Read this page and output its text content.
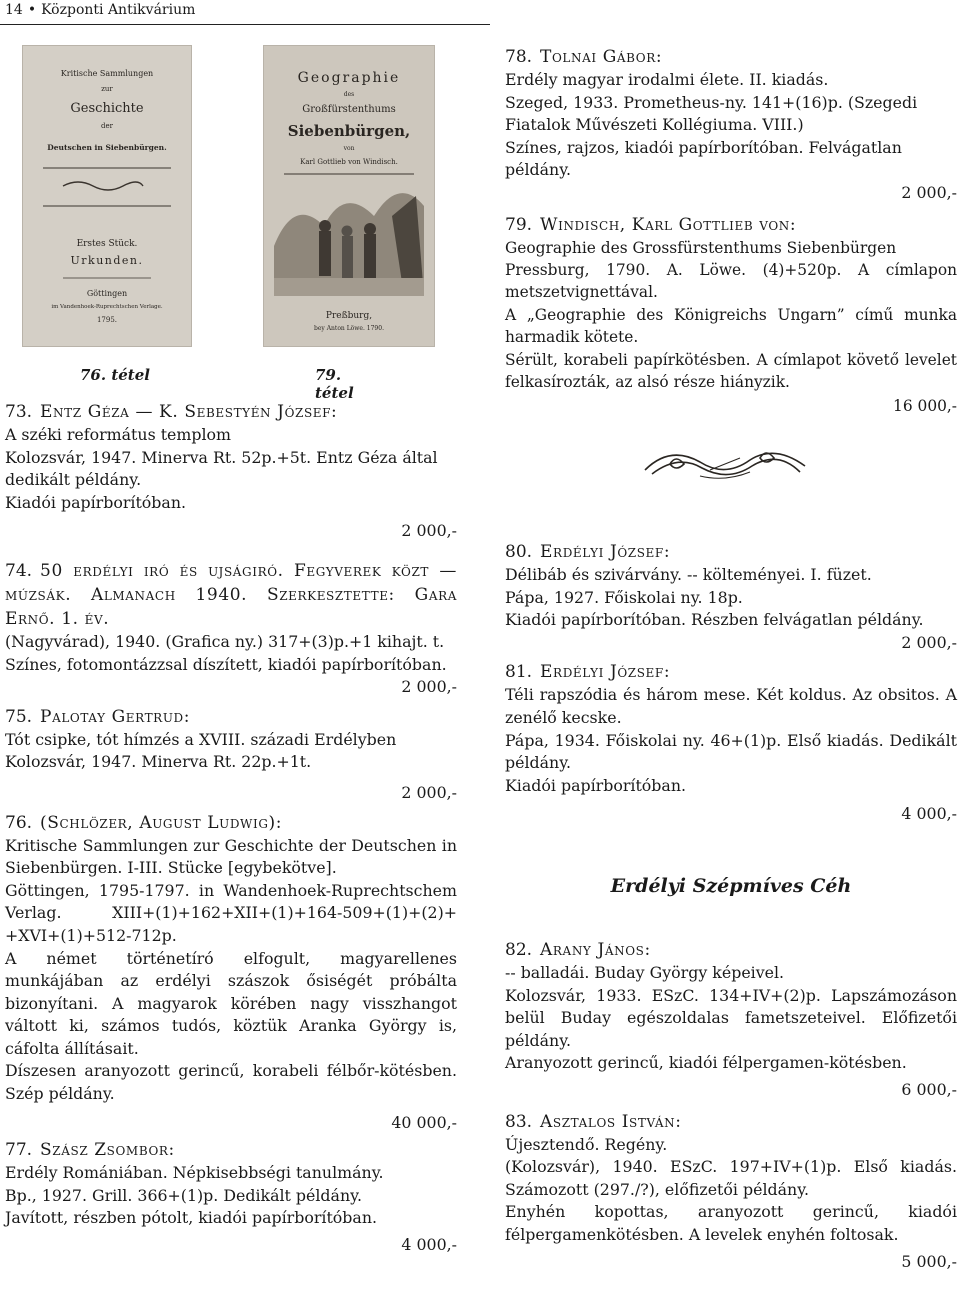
14 • Központi Antikvárium
Kritische Sammlungen
zur
Geschichte
der
Deutschen in Siebenbürgen.
Erstes Stück.
Urkunden.
Göttingen
im Vandenhoek-Ruprechtschen Verlage.
1795.
Geographie
des
Großfürstenthums
Siebenbürgen,
von
Karl Gottlieb von Windisch.
Preßburg,
bey Anton Löwe. 1790.
76. tétel	79. tétel

73. Entz Géza — K. Sebestyén József:

A széki református templom

Kolozsvár, 1947. Minerva Rt. 52p.+5t. Entz Géza által dedikált példány.

Kiadói papírborítóban.

2 000,-

74. 50 erdélyi iró és ujságiró. Fegyverek közt — múzsák. Almanach 1940. Szerkesztette: Gara Ernő. 1. év.

(Nagyvárad), 1940. (Grafica ny.) 317+(3)p.+1 kihajt. t.

Színes, fotomontázzsal díszített, kiadói papírborítóban.

2 000,-

75. Palotay Gertrud:

Tót csipke, tót hímzés a XVIII. századi Erdélyben

Kolozsvár, 1947. Minerva Rt. 22p.+1t.

2 000,-

76. (Schlözer, August Ludwig):

Kritische Sammlungen zur Geschichte der Deutschen in Siebenbürgen. I-III. Stücke [egybekötve].

Göttingen, 1795-1797. in Wandenhoek-Ruprechtschem Verlag. XIII+(1)+162+XII+(1)+164-509+(1)+(2)+ +XVI+(1)+512-712p.

A német történetíró elfogult, magyarellenes munkájában az erdélyi szászok ősiségét próbálta bizonyítani. A magyarok körében nagy visszhangot váltott ki, számos tudós, köztük Aranka György is, cáfolta állításait.

Díszesen aranyozott gerincű, korabeli félbőr-kötésben. Szép példány.

40 000,-

77. Szász Zsombor:

Erdély Romániában. Népkisebbségi tanulmány.

Bp., 1927. Grill. 366+(1)p. Dedikált példány.

Javított, részben pótolt, kiadói papírborítóban.

4 000,-

78. Tolnai Gábor:

Erdély magyar irodalmi élete. II. kiadás.

Szeged, 1933. Prometheus-ny. 141+(16)p. (Szegedi Fiatalok Művészeti Kollégiuma. VIII.)

Színes, rajzos, kiadói papírborítóban. Felvágatlan példány.

2 000,-

79. Windisch, Karl Gottlieb von:

Geographie des Grossfürstenthums Siebenbürgen

Pressburg, 1790. A. Löwe. (4)+520p. A címlapon metszetvignettával.

A „Geographie des Königreichs Ungarn” című munka harmadik kötete.

Sérült, korabeli papírkötésben. A címlapot követő levelet felkasírozták, az alsó része hiányzik.

16 000,-

80. Erdélyi József:

Délibáb és szivárvány. -- költeményei. I. füzet.

Pápa, 1927. Főiskolai ny. 18p.

Kiadói papírborítóban. Részben felvágatlan példány.

2 000,-

81. Erdélyi József:

Téli rapszódia és három mese. Két koldus. Az obsitos. A zenélő kecske.

Pápa, 1934. Főiskolai ny. 46+(1)p. Első kiadás. Dedikált példány.

Kiadói papírborítóban.

4 000,-

Erdélyi Szépmíves Céh

82. Arany János:

-- balladái. Buday György képeivel.

Kolozsvár, 1933. ESzC. 134+IV+(2)p. Lapszámozáson belül Buday egészoldalas fametszeteivel. Előfizetői példány.

Aranyozott gerincű, kiadói félpergamen-kötésben.

6 000,-

83. Asztalos István:

Újesztendő. Regény.

(Kolozsvár), 1940. ESzC. 197+IV+(1)p. Első kiadás. Számozott (297./?), előfizetői példány.

Enyhén kopottas, aranyozott gerincű, kiadói félpergamenkötésben. A levelek enyhén foltosak.

5 000,-
